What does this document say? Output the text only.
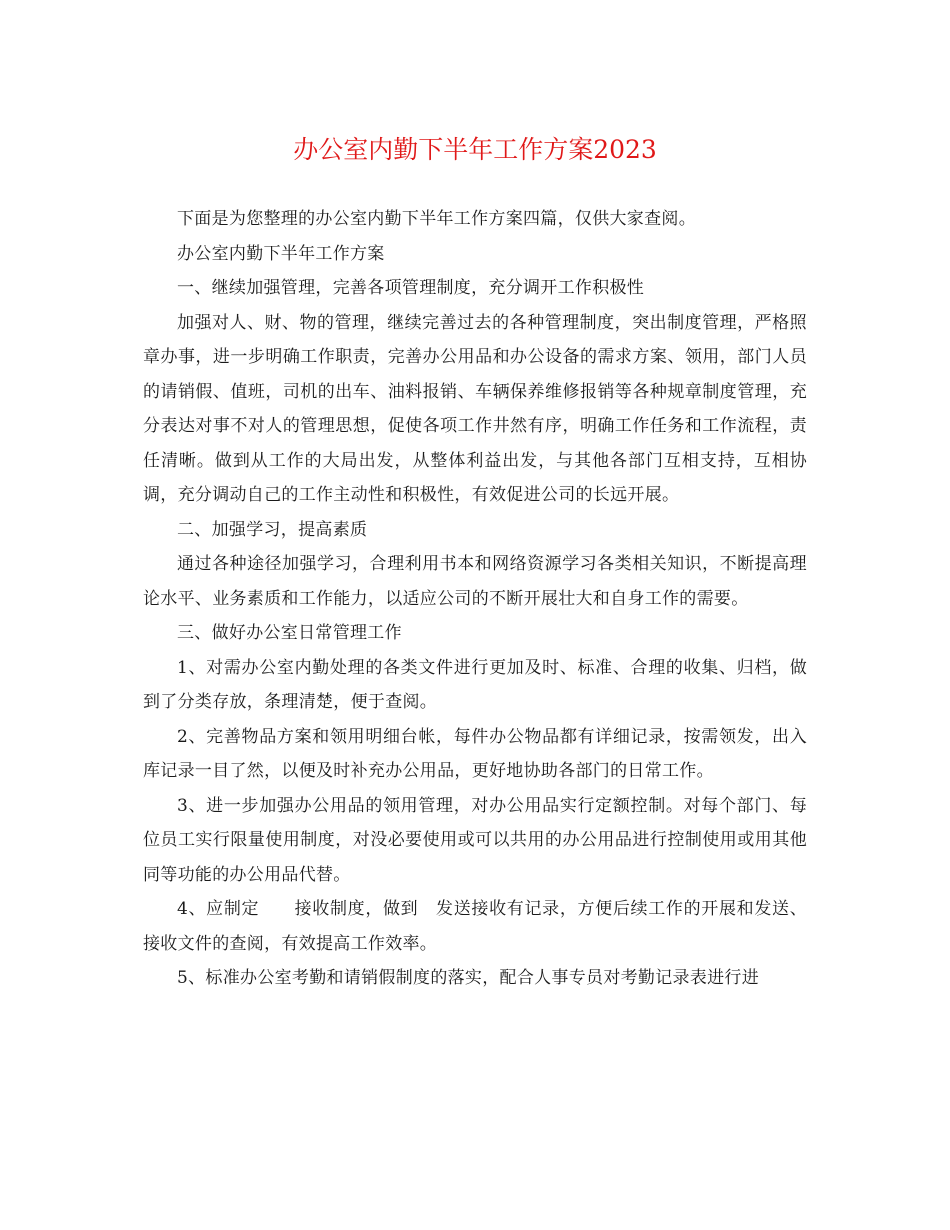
办公室内勤下半年工作方案2023

下面是为您整理的办公室内勤下半年工作方案四篇，仅供大家查阅。

办公室内勤下半年工作方案

一、继续加强管理，完善各项管理制度，充分调开工作积极性

加强对人、财、物的管理，继续完善过去的各种管理制度，突出制度管理，严格照章办事，进一步明确工作职责，完善办公用品和办公设备的需求方案、领用，部门人员的请销假、值班，司机的出车、油料报销、车辆保养维修报销等各种规章制度管理，充分表达对事不对人的管理思想，促使各项工作井然有序，明确工作任务和工作流程，责任清晰。做到从工作的大局出发，从整体利益出发，与其他各部门互相支持，互相协调，充分调动自己的工作主动性和积极性，有效促进公司的长远开展。

二、加强学习，提高素质

通过各种途径加强学习，合理利用书本和网络资源学习各类相关知识，不断提高理论水平、业务素质和工作能力，以适应公司的不断开展壮大和自身工作的需要。

三、做好办公室日常管理工作

1、对需办公室内勤处理的各类文件进行更加及时、标准、合理的收集、归档，做到了分类存放，条理清楚，便于查阅。

2、完善物品方案和领用明细台帐，每件办公物品都有详细记录，按需领发，出入库记录一目了然，以便及时补充办公用品，更好地协助各部门的日常工作。

3、进一步加强办公用品的领用管理，对办公用品实行定额控制。对每个部门、每位员工实行限量使用制度，对没必要使用或可以共用的办公用品进行控制使用或用其他同等功能的办公用品代替。

4、应制定　　接收制度，做到　发送接收有记录，方便后续工作的开展和发送、接收文件的查阅，有效提高工作效率。

5、标准办公室考勤和请销假制度的落实，配合人事专员对考勤记录表进行进
